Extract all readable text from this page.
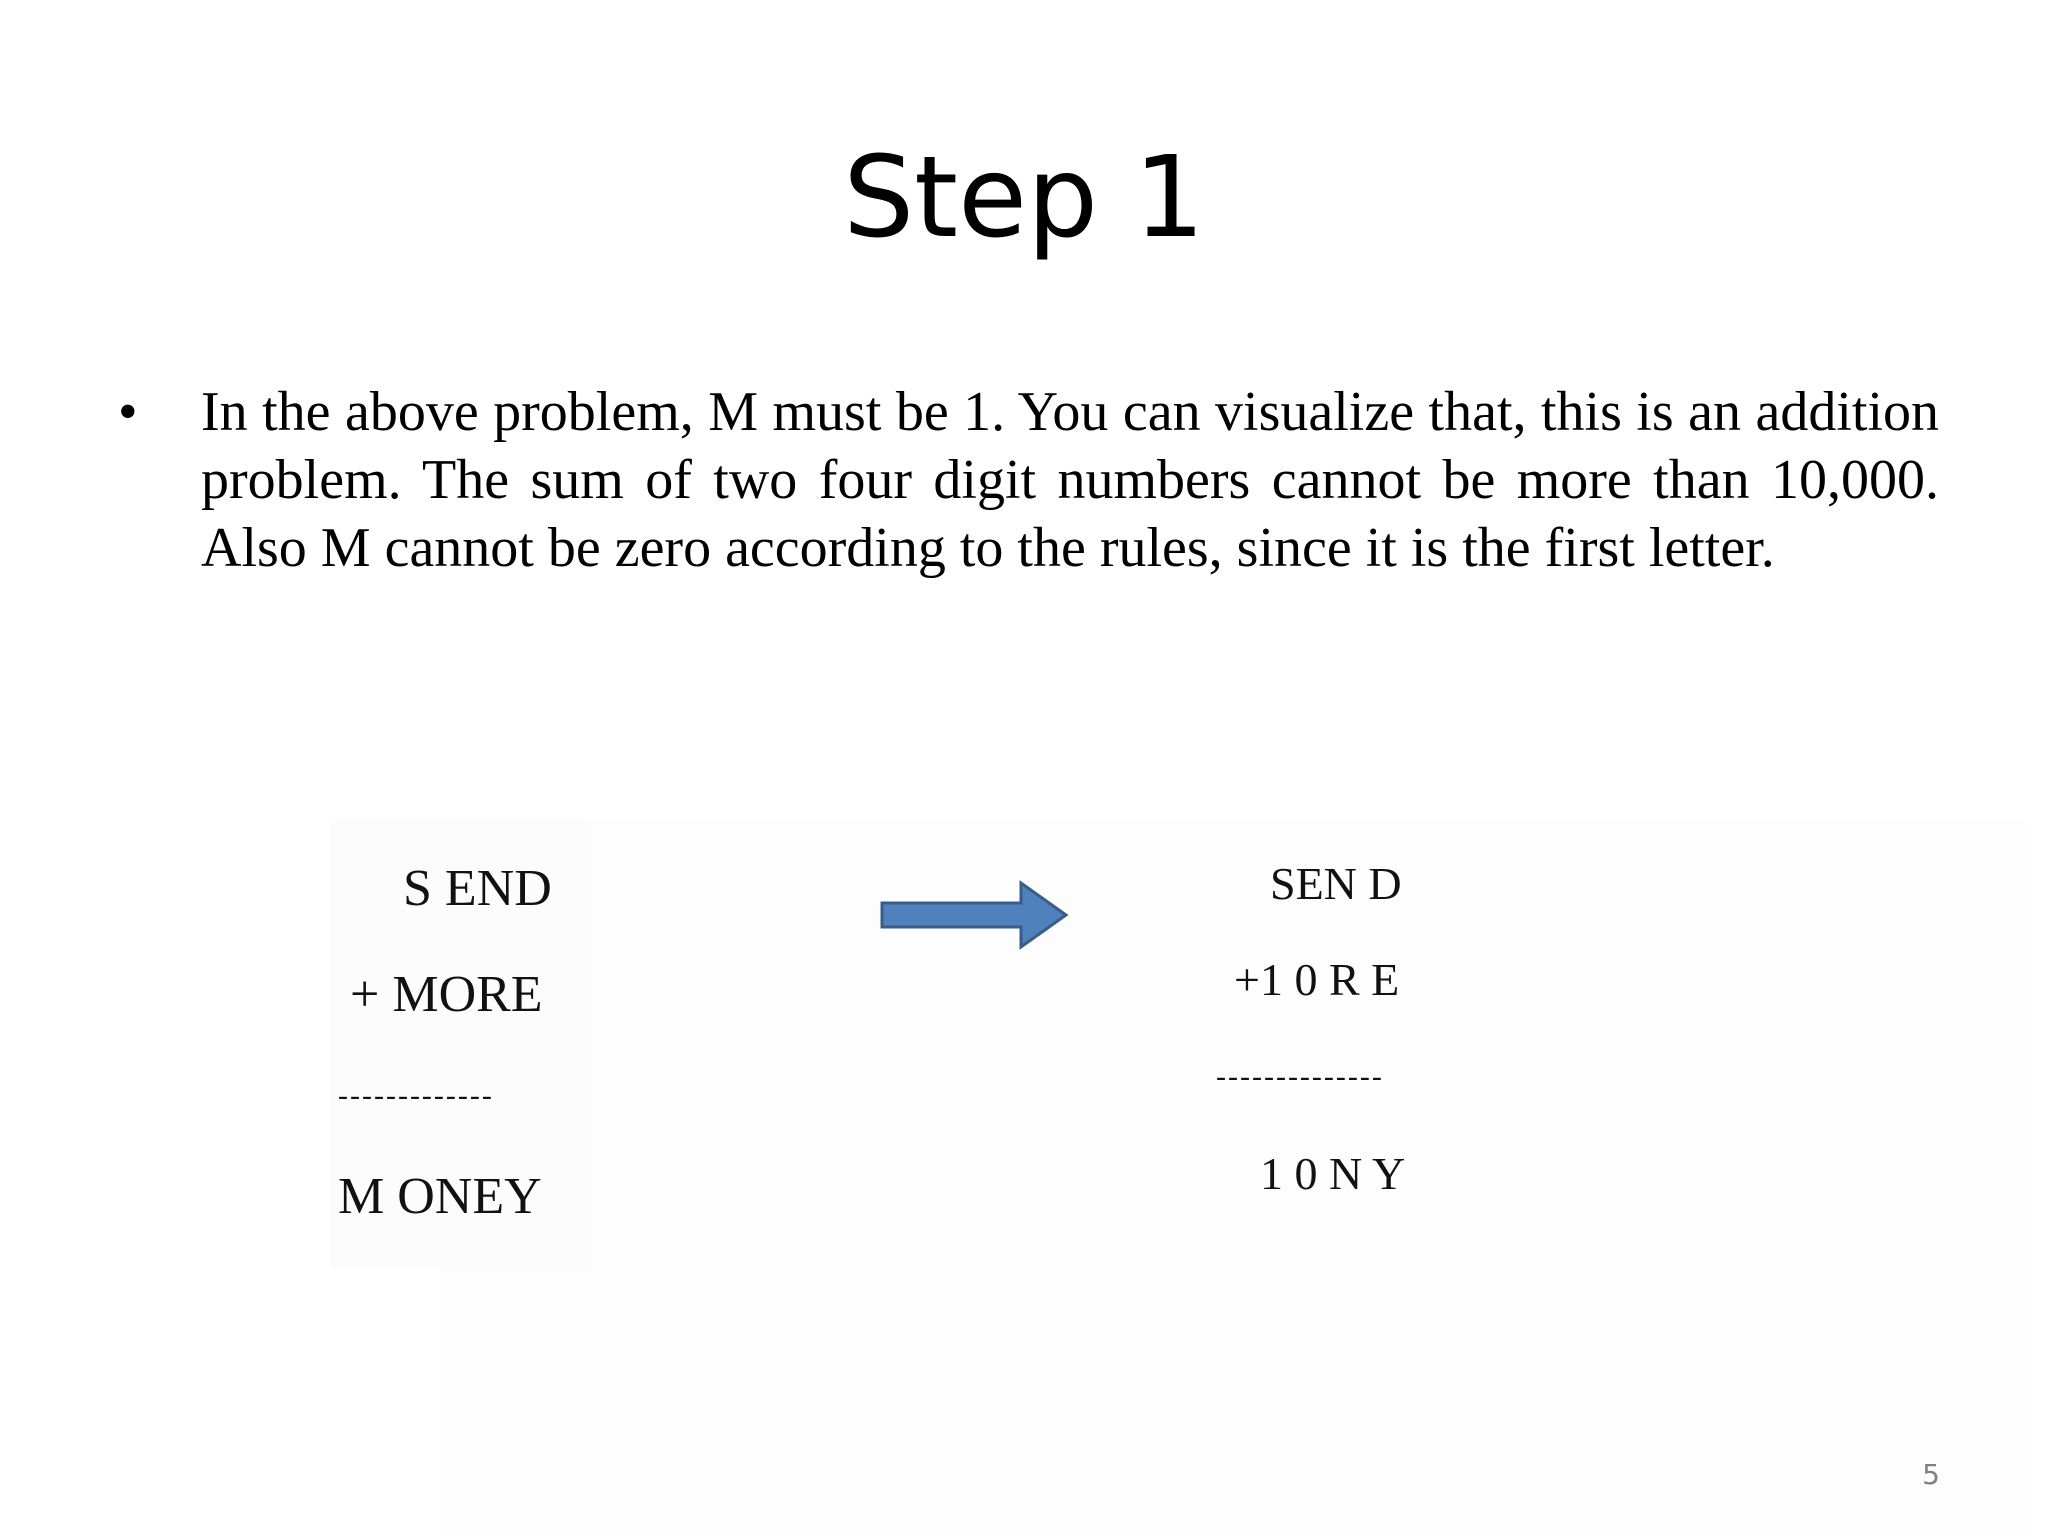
Step 1
• In the above problem, M must be 1. You can visualize that, this is an addition problem. The sum of two four digit numbers cannot be more than 10,000. Also M cannot be zero according to the rules, since it is the first letter.

S END

+ MORE

-------------

M ONEY

SEN D

+1 0 R E

--------------

1 0 N Y

5
